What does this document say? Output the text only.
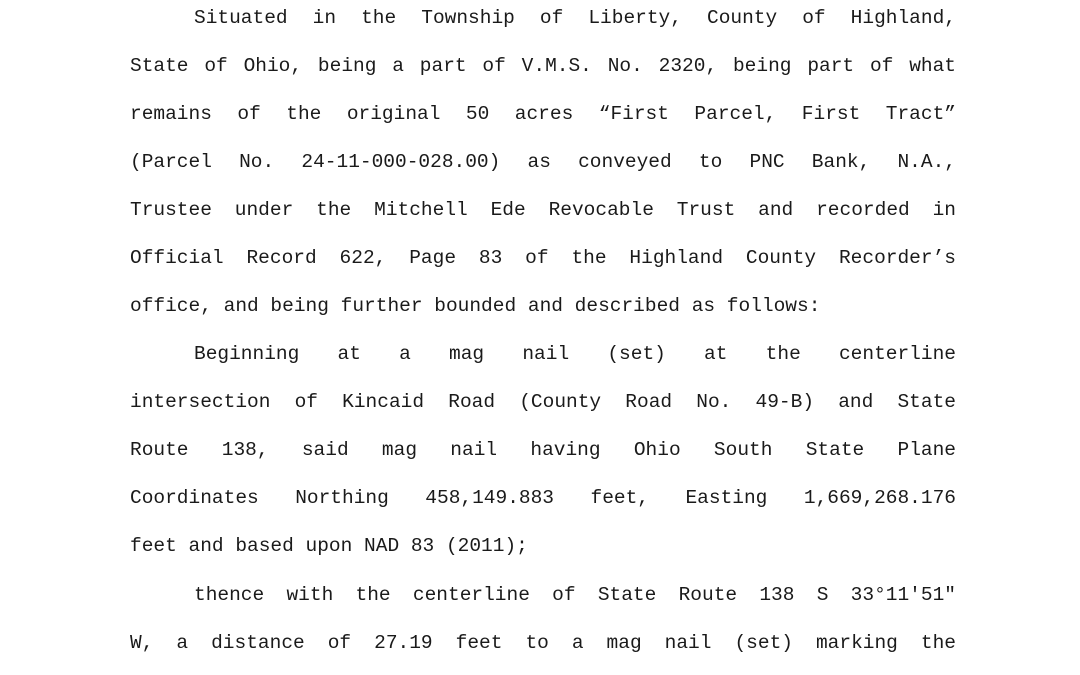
Situated in the Township of Liberty, County of Highland,
State of Ohio, being a part of V.M.S. No. 2320, being part of what
remains of the original 50 acres “First Parcel, First Tract”
(Parcel No. 24-11-000-028.00) as conveyed to PNC Bank, N.A.,
Trustee under the Mitchell Ede Revocable Trust and recorded in
Official Record 622, Page 83 of the Highland County Recorder’s
office, and being further bounded and described as follows:
Beginning at a mag nail (set) at the centerline
intersection of Kincaid Road (County Road No. 49-B) and State
Route 138, said mag nail having Ohio South State Plane
Coordinates Northing 458,149.883 feet, Easting 1,669,268.176
feet and based upon NAD 83 (2011);
thence with the centerline of State Route 138 S 33°11'51"
W, a distance of 27.19 feet to a mag nail (set) marking the
